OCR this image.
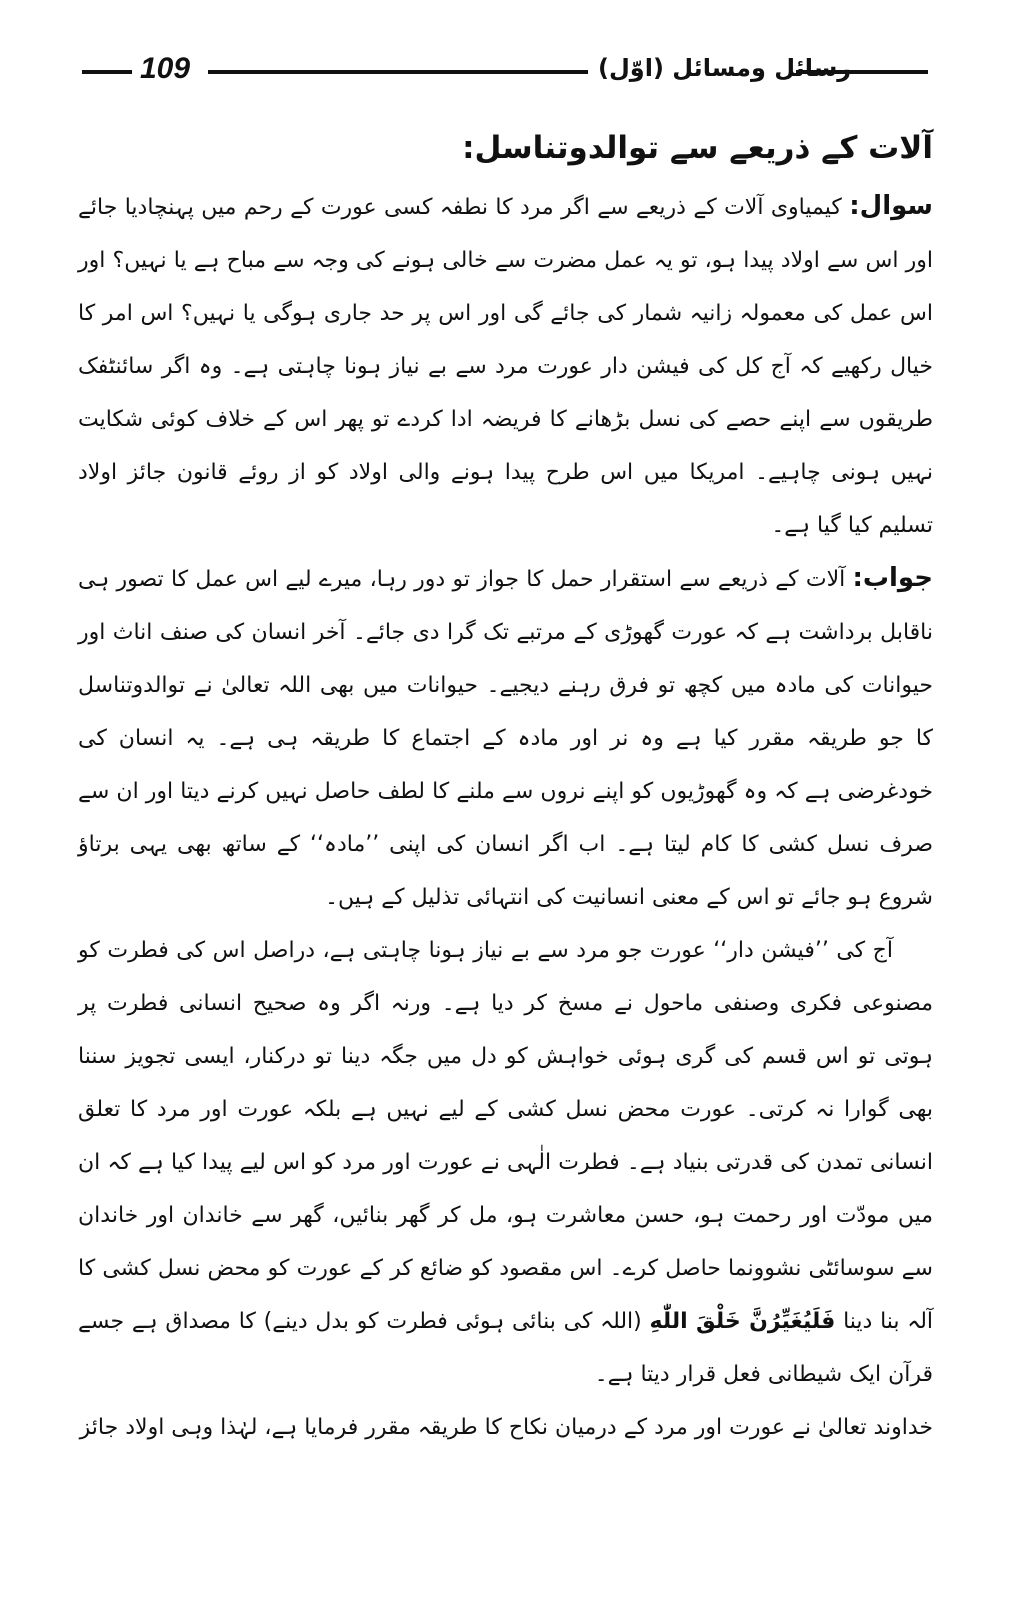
109	رسائل ومسائل (اوّل)
آلات کے ذریعے سے توالدوتناسل:

سوال: کیمیاوی آلات کے ذریعے سے اگر مرد کا نطفہ کسی عورت کے رحم میں پہنچادیا جائے اور اس سے اولاد پیدا ہو، تو یہ عمل مضرت سے خالی ہونے کی وجہ سے مباح ہے یا نہیں؟ اور اس عمل کی معمولہ زانیہ شمار کی جائے گی اور اس پر حد جاری ہوگی یا نہیں؟ اس امر کا خیال رکھیے کہ آج کل کی فیشن دار عورت مرد سے بے نیاز ہونا چاہتی ہے۔ وہ اگر سائنٹفک طریقوں سے اپنے حصے کی نسل بڑھانے کا فریضہ ادا کردے تو پھر اس کے خلاف کوئی شکایت نہیں ہونی چاہیے۔ امریکا میں اس طرح پیدا ہونے والی اولاد کو از روئے قانون جائز اولاد تسلیم کیا گیا ہے۔

جواب: آلات کے ذریعے سے استقرار حمل کا جواز تو دور رہا، میرے لیے اس عمل کا تصور ہی ناقابل برداشت ہے کہ عورت گھوڑی کے مرتبے تک گرا دی جائے۔ آخر انسان کی صنف اناث اور حیوانات کی مادہ میں کچھ تو فرق رہنے دیجیے۔ حیوانات میں بھی اللہ تعالیٰ نے توالدوتناسل کا جو طریقہ مقرر کیا ہے وہ نر اور مادہ کے اجتماع کا طریقہ ہی ہے۔ یہ انسان کی خودغرضی ہے کہ وہ گھوڑیوں کو اپنے نروں سے ملنے کا لطف حاصل نہیں کرنے دیتا اور ان سے صرف نسل کشی کا کام لیتا ہے۔ اب اگر انسان کی اپنی ’’مادہ‘‘ کے ساتھ بھی یہی برتاؤ شروع ہو جائے تو اس کے معنی انسانیت کی انتہائی تذلیل کے ہیں۔

آج کی ’’فیشن دار‘‘ عورت جو مرد سے بے نیاز ہونا چاہتی ہے، دراصل اس کی فطرت کو مصنوعی فکری وصنفی ماحول نے مسخ کر دیا ہے۔ ورنہ اگر وہ صحیح انسانی فطرت پر ہوتی تو اس قسم کی گری ہوئی خواہش کو دل میں جگہ دینا تو درکنار، ایسی تجویز سننا بھی گوارا نہ کرتی۔ عورت محض نسل کشی کے لیے نہیں ہے بلکہ عورت اور مرد کا تعلق انسانی تمدن کی قدرتی بنیاد ہے۔ فطرت الٰہی نے عورت اور مرد کو اس لیے پیدا کیا ہے کہ ان میں مودّت اور رحمت ہو، حسن معاشرت ہو، مل کر گھر بنائیں، گھر سے خاندان اور خاندان سے سوسائٹی نشوونما حاصل کرے۔ اس مقصود کو ضائع کر کے عورت کو محض نسل کشی کا آلہ بنا دینا فَلَیُغَیِّرُنَّ خَلْقَ اللّٰهِ (اللہ کی بنائی ہوئی فطرت کو بدل دینے) کا مصداق ہے جسے قرآن ایک شیطانی فعل قرار دیتا ہے۔

خداوند تعالیٰ نے عورت اور مرد کے درمیان نکاح کا طریقہ مقرر فرمایا ہے، لہٰذا وہی اولاد جائز
